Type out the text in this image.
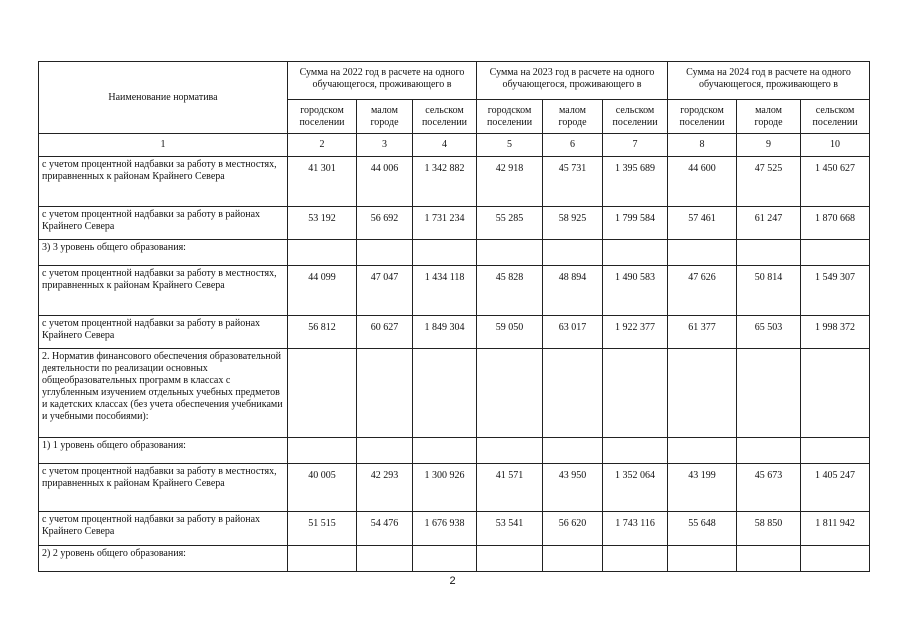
Наименование норматива	Сумма на 2022 год в расчете на одного обучающегося, проживающего в			Сумма на 2023 год в расчете на одного обучающегося, проживающего в			Сумма на 2024 год в расчете на одного обучающегося, проживающего в		
	городском поселении	малом городе	сельском поселении	городском поселении	малом городе	сельском поселении	городском поселении	малом городе	сельском поселении
1	2	3	4	5	6	7	8	9	10
с учетом процентной надбавки за работу в местностях, приравненных к районам Крайнего Севера	41 301	44 006	1 342 882	42 918	45 731	1 395 689	44 600	47 525	1 450 627
с учетом процентной надбавки за работу в районах Крайнего Севера	53 192	56 692	1 731 234	55 285	58 925	1 799 584	57 461	61 247	1 870 668
3) 3 уровень общего образования:									
с учетом процентной надбавки за работу в местностях, приравненных к районам Крайнего Севера	44 099	47 047	1 434 118	45 828	48 894	1 490 583	47 626	50 814	1 549 307
с учетом процентной надбавки за работу в районах Крайнего Севера	56 812	60 627	1 849 304	59 050	63 017	1 922 377	61 377	65 503	1 998 372
2. Норматив финансового обеспечения образовательной деятельности по реализации основных общеобразовательных программ в классах с углубленным изучением отдельных учебных предметов и кадетских классах (без учета обеспечения учебниками и учебными пособиями):									
1) 1 уровень общего образования:									
с учетом процентной надбавки за работу в местностях, приравненных к районам Крайнего Севера	40 005	42 293	1 300 926	41 571	43 950	1 352 064	43 199	45 673	1 405 247
с учетом процентной надбавки за работу в районах Крайнего Севера	51 515	54 476	1 676 938	53 541	56 620	1 743 116	55 648	58 850	1 811 942
2) 2 уровень общего образования:									
2
